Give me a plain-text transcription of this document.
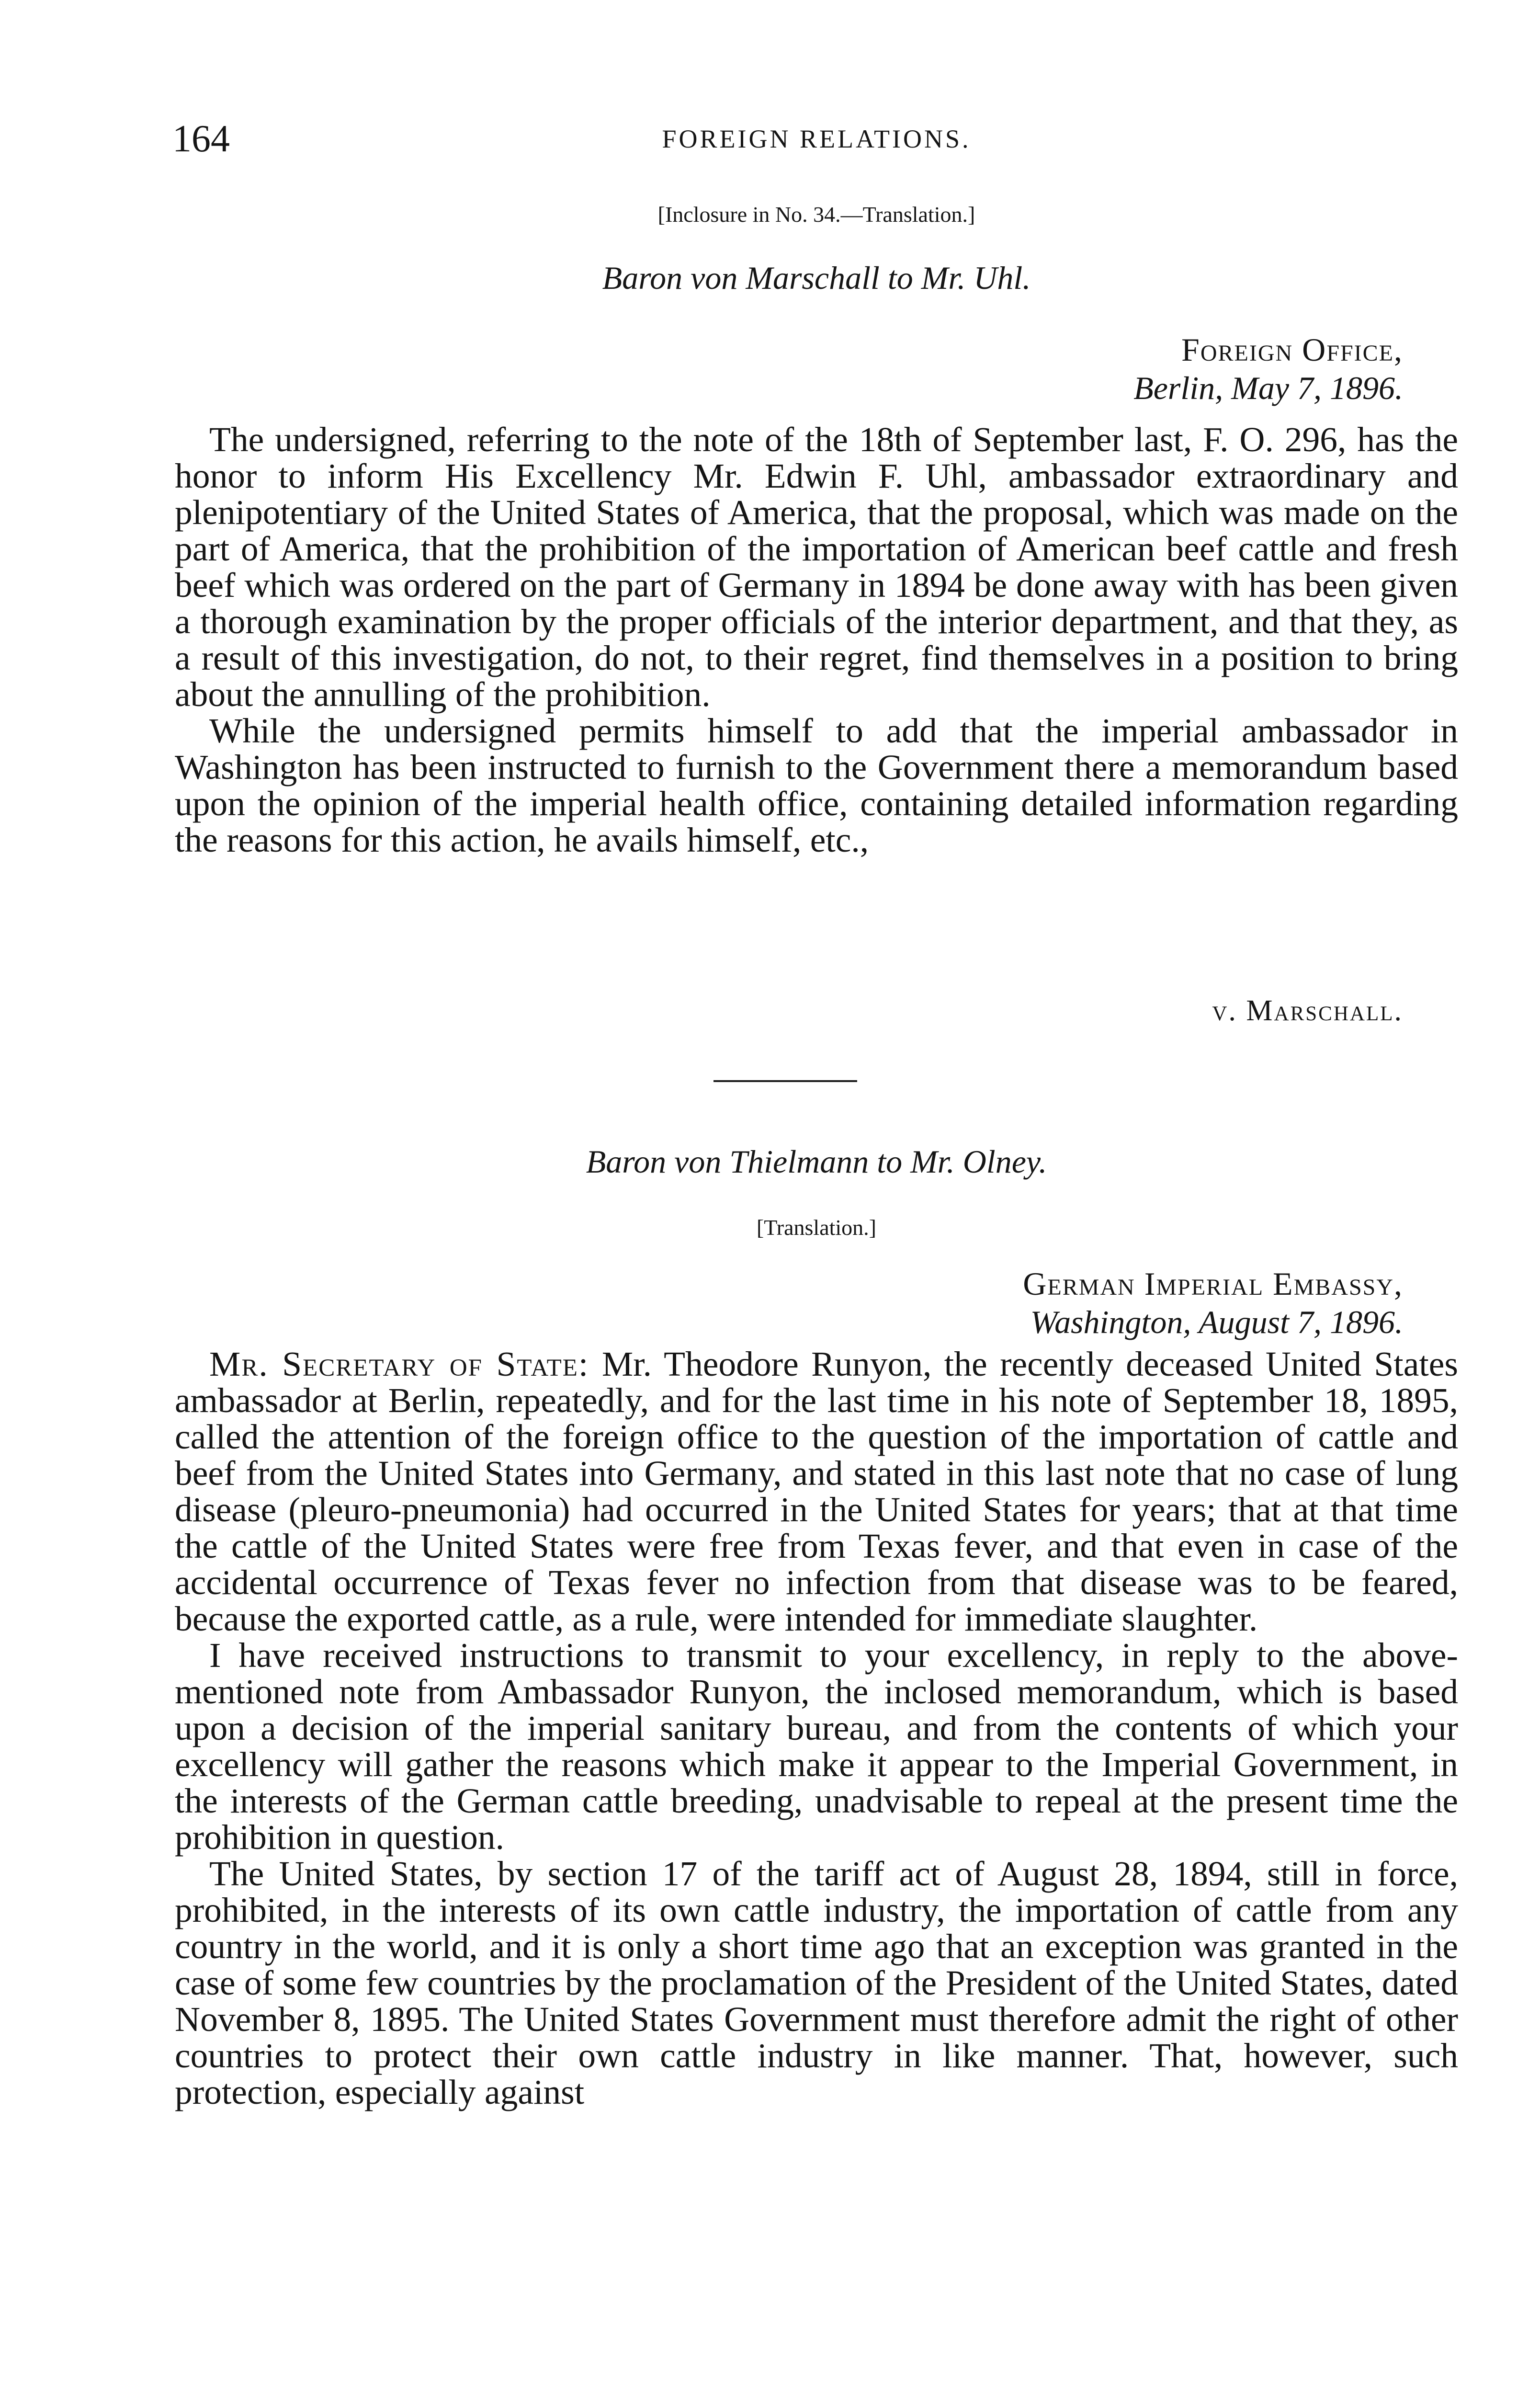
164	FOREIGN RELATIONS.
[Inclosure in No. 34.—Translation.]
Baron von Marschall to Mr. Uhl.
Foreign Office,
Berlin, May 7, 1896.

The undersigned, referring to the note of the 18th of September last, F. O. 296, has the honor to inform His Excellency Mr. Edwin F. Uhl, ambassador extraordinary and plenipotentiary of the United States of America, that the proposal, which was made on the part of America, that the prohibition of the importation of American beef cattle and fresh beef which was ordered on the part of Germany in 1894 be done away with has been given a thorough examination by the proper officials of the interior department, and that they, as a result of this investigation, do not, to their regret, find themselves in a position to bring about the annulling of the prohibition.

While the undersigned permits himself to add that the imperial ambassador in Washington has been instructed to furnish to the Government there a memorandum based upon the opinion of the imperial health office, containing detailed information regarding the reasons for this action, he avails himself, etc.,

v. Marschall.
Baron von Thielmann to Mr. Olney.
[Translation.]
German Imperial Embassy,
Washington, August 7, 1896.

Mr. Secretary of State: Mr. Theodore Runyon, the recently deceased United States ambassador at Berlin, repeatedly, and for the last time in his note of September 18, 1895, called the attention of the foreign office to the question of the importation of cattle and beef from the United States into Germany, and stated in this last note that no case of lung disease (pleuro-pneumonia) had occurred in the United States for years; that at that time the cattle of the United States were free from Texas fever, and that even in case of the accidental occurrence of Texas fever no infection from that disease was to be feared, because the exported cattle, as a rule, were intended for immediate slaughter.

I have received instructions to transmit to your excellency, in reply to the above-mentioned note from Ambassador Runyon, the inclosed memorandum, which is based upon a decision of the imperial sanitary bureau, and from the contents of which your excellency will gather the reasons which make it appear to the Imperial Government, in the interests of the German cattle breeding, unadvisable to repeal at the present time the prohibition in question.

The United States, by section 17 of the tariff act of August 28, 1894, still in force, prohibited, in the interests of its own cattle industry, the importation of cattle from any country in the world, and it is only a short time ago that an exception was granted in the case of some few countries by the proclamation of the President of the United States, dated November 8, 1895. The United States Government must therefore admit the right of other countries to protect their own cattle industry in like manner. That, however, such protection, especially against
